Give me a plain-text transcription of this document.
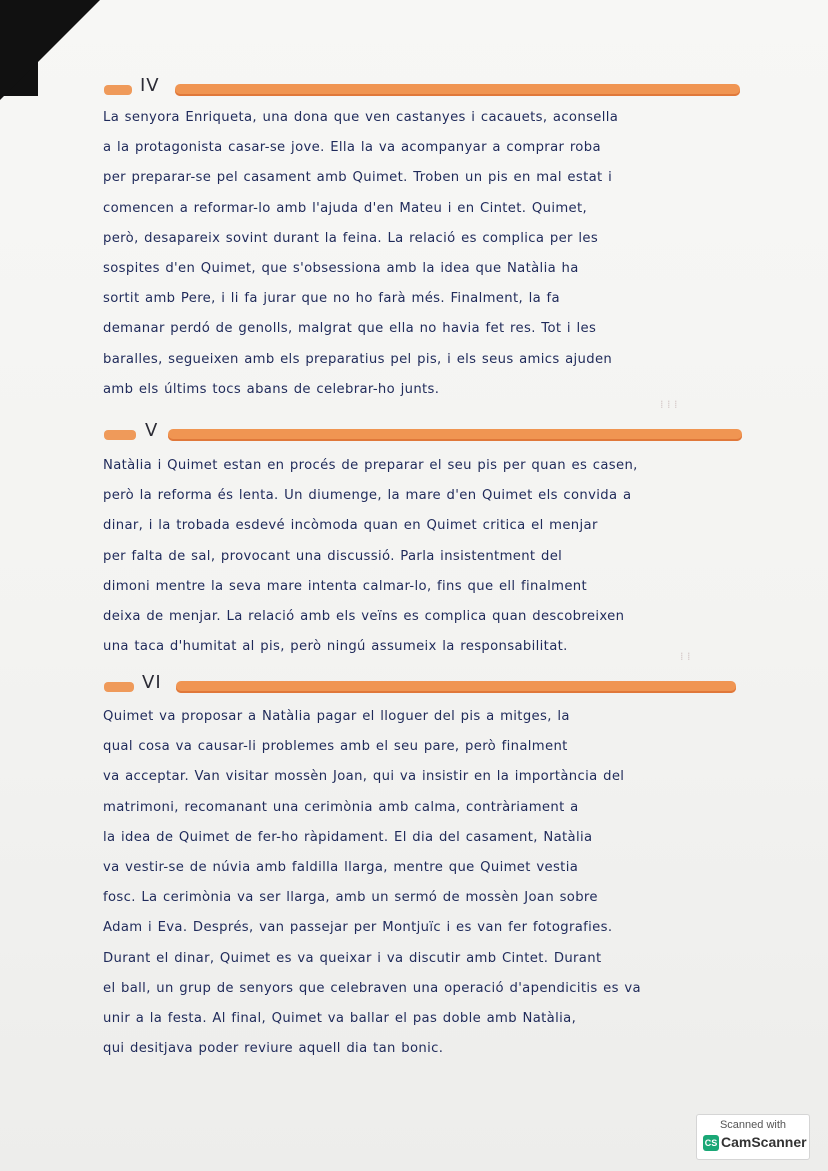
IV
La senyora Enriqueta, una dona que ven castanyes i cacauets, aconsella
a la protagonista casar-se jove. Ella la va acompanyar a comprar roba
per preparar-se pel casament amb Quimet. Troben un pis en mal estat i
comencen a reformar-lo amb l'ajuda d'en Mateu i en Cintet. Quimet,
però, desapareix sovint durant la feina. La relació es complica per les
sospites d'en Quimet, que s'obsessiona amb la idea que Natàlia ha
sortit amb Pere, i li fa jurar que no ho farà més. Finalment, la fa
demanar perdó de genolls, malgrat que ella no havia fet res. Tot i les
baralles, segueixen amb els preparatius pel pis, i els seus amics ajuden
amb els últims tocs abans de celebrar-ho junts.
V
Natàlia i Quimet estan en procés de preparar el seu pis per quan es casen,
però la reforma és lenta. Un diumenge, la mare d'en Quimet els convida a
dinar, i la trobada esdevé incòmoda quan en Quimet critica el menjar
per falta de sal, provocant una discussió. Parla insistentment del
dimoni mentre la seva mare intenta calmar-lo, fins que ell finalment
deixa de menjar. La relació amb els veïns es complica quan descobreixen
una taca d'humitat al pis, però ningú assumeix la responsabilitat.
VI
Quimet va proposar a Natàlia pagar el lloguer del pis a mitges, la
qual cosa va causar-li problemes amb el seu pare, però finalment
va acceptar. Van visitar mossèn Joan, qui va insistir en la importància del
matrimoni, recomanant una cerimònia amb calma, contràriament a
la idea de Quimet de fer-ho ràpidament. El dia del casament, Natàlia
va vestir-se de núvia amb faldilla llarga, mentre que Quimet vestia
fosc. La cerimònia va ser llarga, amb un sermó de mossèn Joan sobre
Adam i Eva. Després, van passejar per Montjuïc i es van fer fotografies.
Durant el dinar, Quimet es va queixar i va discutir amb Cintet. Durant
el ball, un grup de senyors que celebraven una operació d'apendicitis es va
unir a la festa. Al final, Quimet va ballar el pas doble amb Natàlia,
qui desitjava poder reviure aquell dia tan bonic.
⁞ ⁞ ⁞
⁞ ⁞
Scanned with
CS CamScanner
